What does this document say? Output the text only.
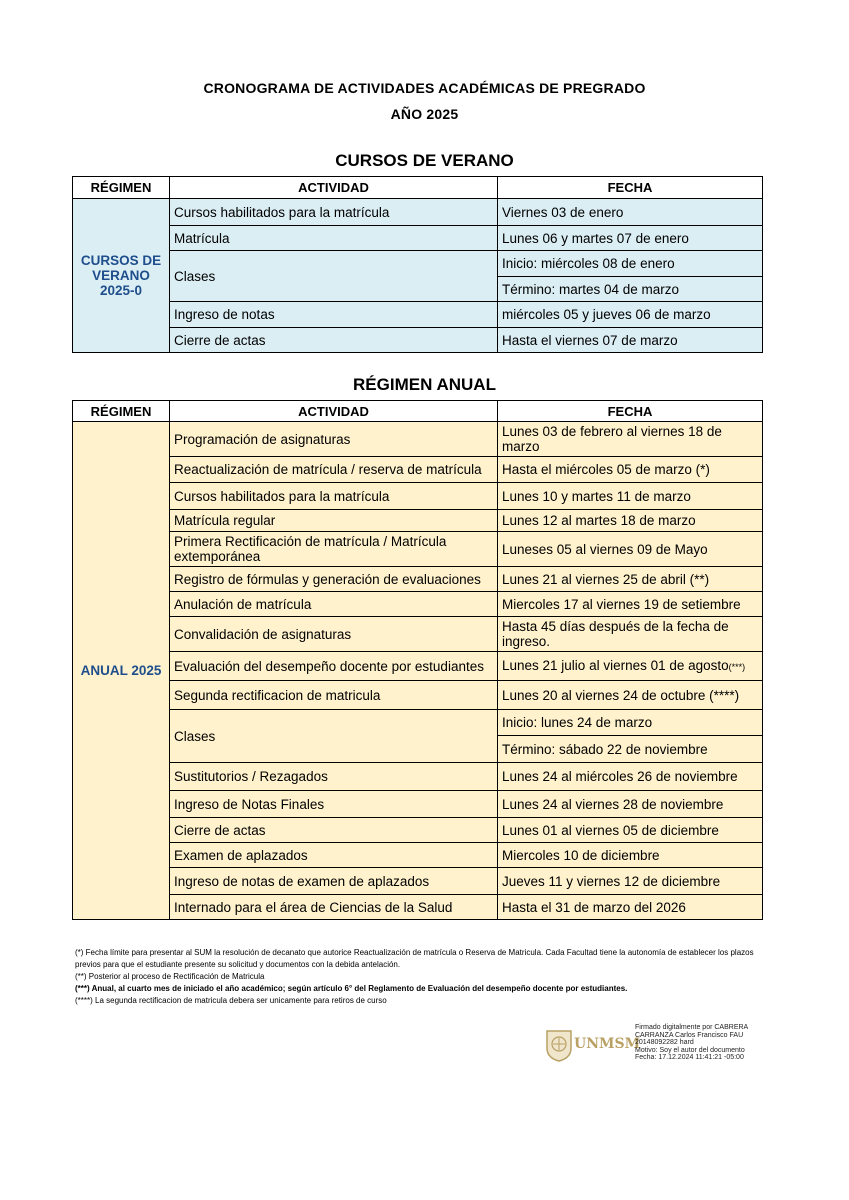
CRONOGRAMA DE ACTIVIDADES ACADÉMICAS DE PREGRADO
AÑO 2025
CURSOS DE VERANO
RÉGIMEN	ACTIVIDAD	FECHA
CURSOS DE
VERANO
2025-0	Cursos habilitados para la matrícula	Viernes 03 de enero
	Matrícula	Lunes 06 y martes 07 de enero
	Clases	Inicio: miércoles 08 de enero
		Término: martes 04 de marzo
	Ingreso de notas	miércoles 05 y jueves 06 de marzo
	Cierre de actas	Hasta el viernes 07 de marzo
RÉGIMEN ANUAL
RÉGIMEN	ACTIVIDAD	FECHA
ANUAL 2025	Programación de asignaturas	Lunes 03 de febrero al viernes 18 de marzo
	Reactualización de matrícula / reserva de matrícula	Hasta el miércoles 05 de marzo (*)
	Cursos habilitados para la matrícula	Lunes 10 y martes 11 de marzo
	Matrícula regular	Lunes 12 al martes 18 de marzo
	Primera Rectificación de matrícula / Matrícula extemporánea	Luneses 05 al viernes 09 de Mayo
	Registro de fórmulas y generación de evaluaciones	Lunes 21 al viernes 25 de abril (**)
	Anulación de matrícula	Miercoles 17 al viernes 19 de setiembre
	Convalidación de asignaturas	Hasta 45 días después de la fecha de ingreso.
	Evaluación del desempeño docente por estudiantes	Lunes 21 julio al viernes 01 de agosto(***)
	Segunda rectificacion de matricula	Lunes 20 al viernes 24 de octubre (****)
	Clases	Inicio: lunes 24 de marzo
		Término: sábado 22 de noviembre
	Sustitutorios / Rezagados	Lunes 24 al miércoles 26 de noviembre
	Ingreso de Notas Finales	Lunes 24 al viernes 28 de noviembre
	Cierre de actas	Lunes 01 al viernes 05 de diciembre
	Examen de aplazados	Miercoles 10 de diciembre
	Ingreso de notas de examen de aplazados	Jueves 11 y viernes 12 de diciembre
	Internado para el área de Ciencias de la Salud	Hasta el 31 de marzo del 2026
(*) Fecha límite para presentar al SUM la resolución de decanato que autorice Reactualización de matrícula o Reserva de Matricula. Cada Facultad tiene la autonomía de establecer los plazos previos para que el estudiante presente su solicitud y documentos con la debida antelación.
(**) Posterior al proceso de Rectificación de Matricula
(***) Anual, al cuarto mes de iniciado el año académico; según artículo 6° del Reglamento de Evaluación del desempeño docente por estudiantes.
(****) La segunda rectificacion de matricula debera ser unicamente para retiros de curso
UNMSM
Firmado digitalmente por CABRERA
CARRANZA Carlos Francisco FAU
20148092282 hard
Motivo: Soy el autor del documento
Fecha: 17.12.2024 11:41:21 -05:00
